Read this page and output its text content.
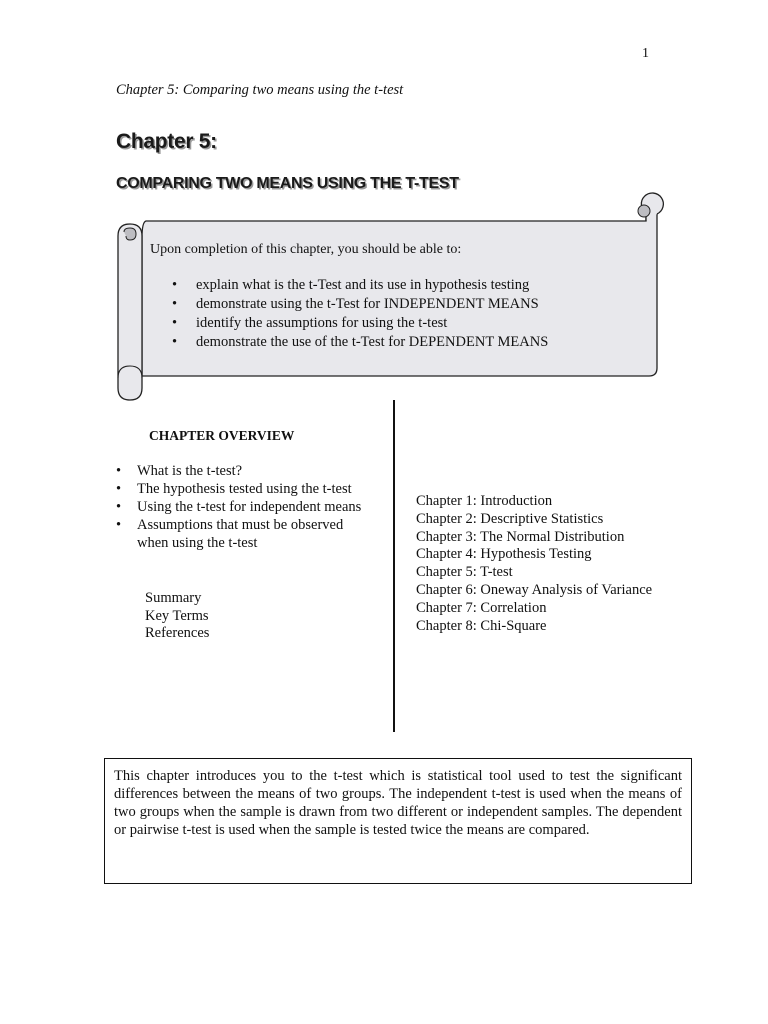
1
Chapter 5: Comparing two means using the t-test
Chapter 5:
COMPARING TWO MEANS USING THE T-TEST
Upon completion of this chapter, you should be able to:
• explain what is the t-Test and its use in hypothesis testing
• demonstrate using the t-Test for INDEPENDENT MEANS
• identify the assumptions for using the t-test
• demonstrate the use of the t-Test for DEPENDENT MEANS
CHAPTER OVERVIEW
• What is the t-test?
• The hypothesis tested using the t-test
• Using the t-test for independent means
• Assumptions that must be observed when using the t-test
Summary
Key Terms
References
Chapter 1: Introduction
Chapter 2: Descriptive Statistics
Chapter 3: The Normal Distribution
Chapter 4: Hypothesis Testing
Chapter 5: T-test
Chapter 6: Oneway Analysis of Variance
Chapter 7: Correlation
Chapter 8: Chi-Square
This chapter introduces you to the t-test which is statistical tool used to test the significant differences between the means of two groups. The independent t-test is used when the means of two groups when the sample is drawn from two different or independent samples. The dependent or pairwise t-test is used when the sample is tested twice the means are compared.
